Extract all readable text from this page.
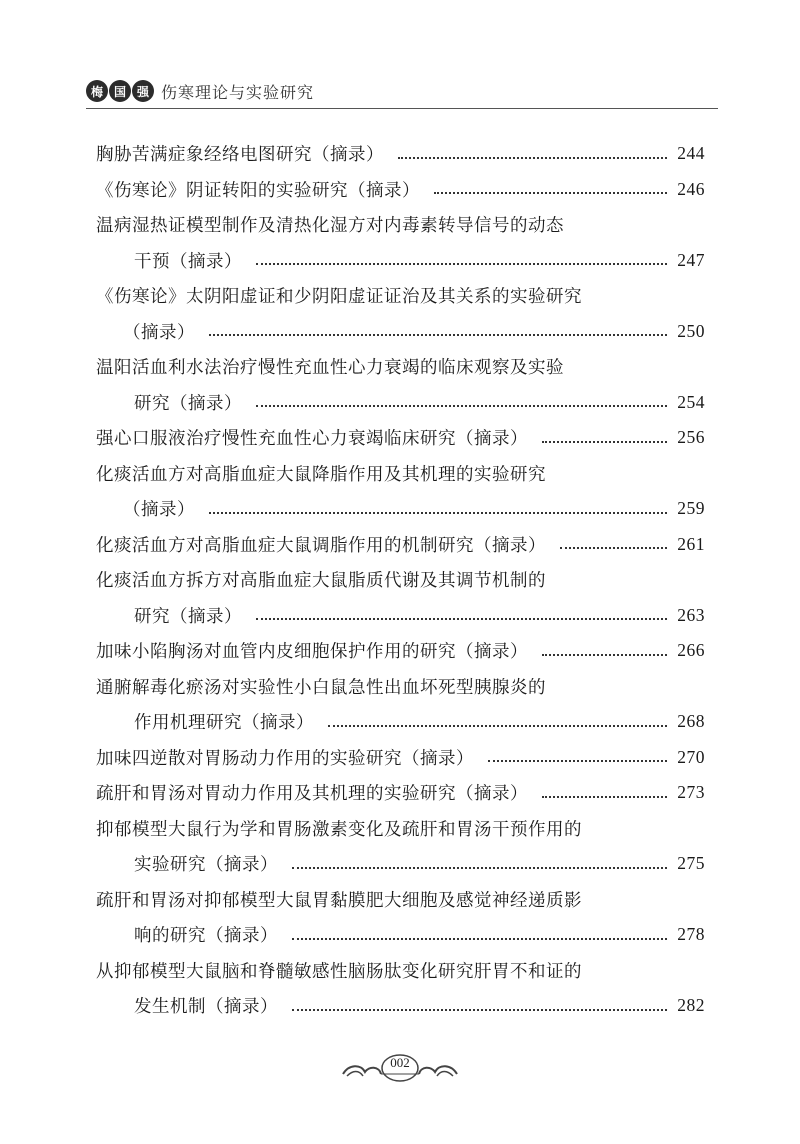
梅 国 强 伤寒理论与实验研究
胸胁苦满症象经络电图研究（摘录）	244
《伤寒论》阴证转阳的实验研究（摘录）	246
温病湿热证模型制作及清热化湿方对内毒素转导信号的动态
干预（摘录）	247
《伤寒论》太阴阳虚证和少阴阳虚证证治及其关系的实验研究
（摘录）	250
温阳活血利水法治疗慢性充血性心力衰竭的临床观察及实验
研究（摘录）	254
强心口服液治疗慢性充血性心力衰竭临床研究（摘录）	256
化痰活血方对高脂血症大鼠降脂作用及其机理的实验研究
（摘录）	259
化痰活血方对高脂血症大鼠调脂作用的机制研究（摘录）	261
化痰活血方拆方对高脂血症大鼠脂质代谢及其调节机制的
研究（摘录）	263
加味小陷胸汤对血管内皮细胞保护作用的研究（摘录）	266
通腑解毒化瘀汤对实验性小白鼠急性出血坏死型胰腺炎的
作用机理研究（摘录）	268
加味四逆散对胃肠动力作用的实验研究（摘录）	270
疏肝和胃汤对胃动力作用及其机理的实验研究（摘录）	273
抑郁模型大鼠行为学和胃肠激素变化及疏肝和胃汤干预作用的
实验研究（摘录）	275
疏肝和胃汤对抑郁模型大鼠胃黏膜肥大细胞及感觉神经递质影
响的研究（摘录）	278
从抑郁模型大鼠脑和脊髓敏感性脑肠肽变化研究肝胃不和证的
发生机制（摘录）	282
002
